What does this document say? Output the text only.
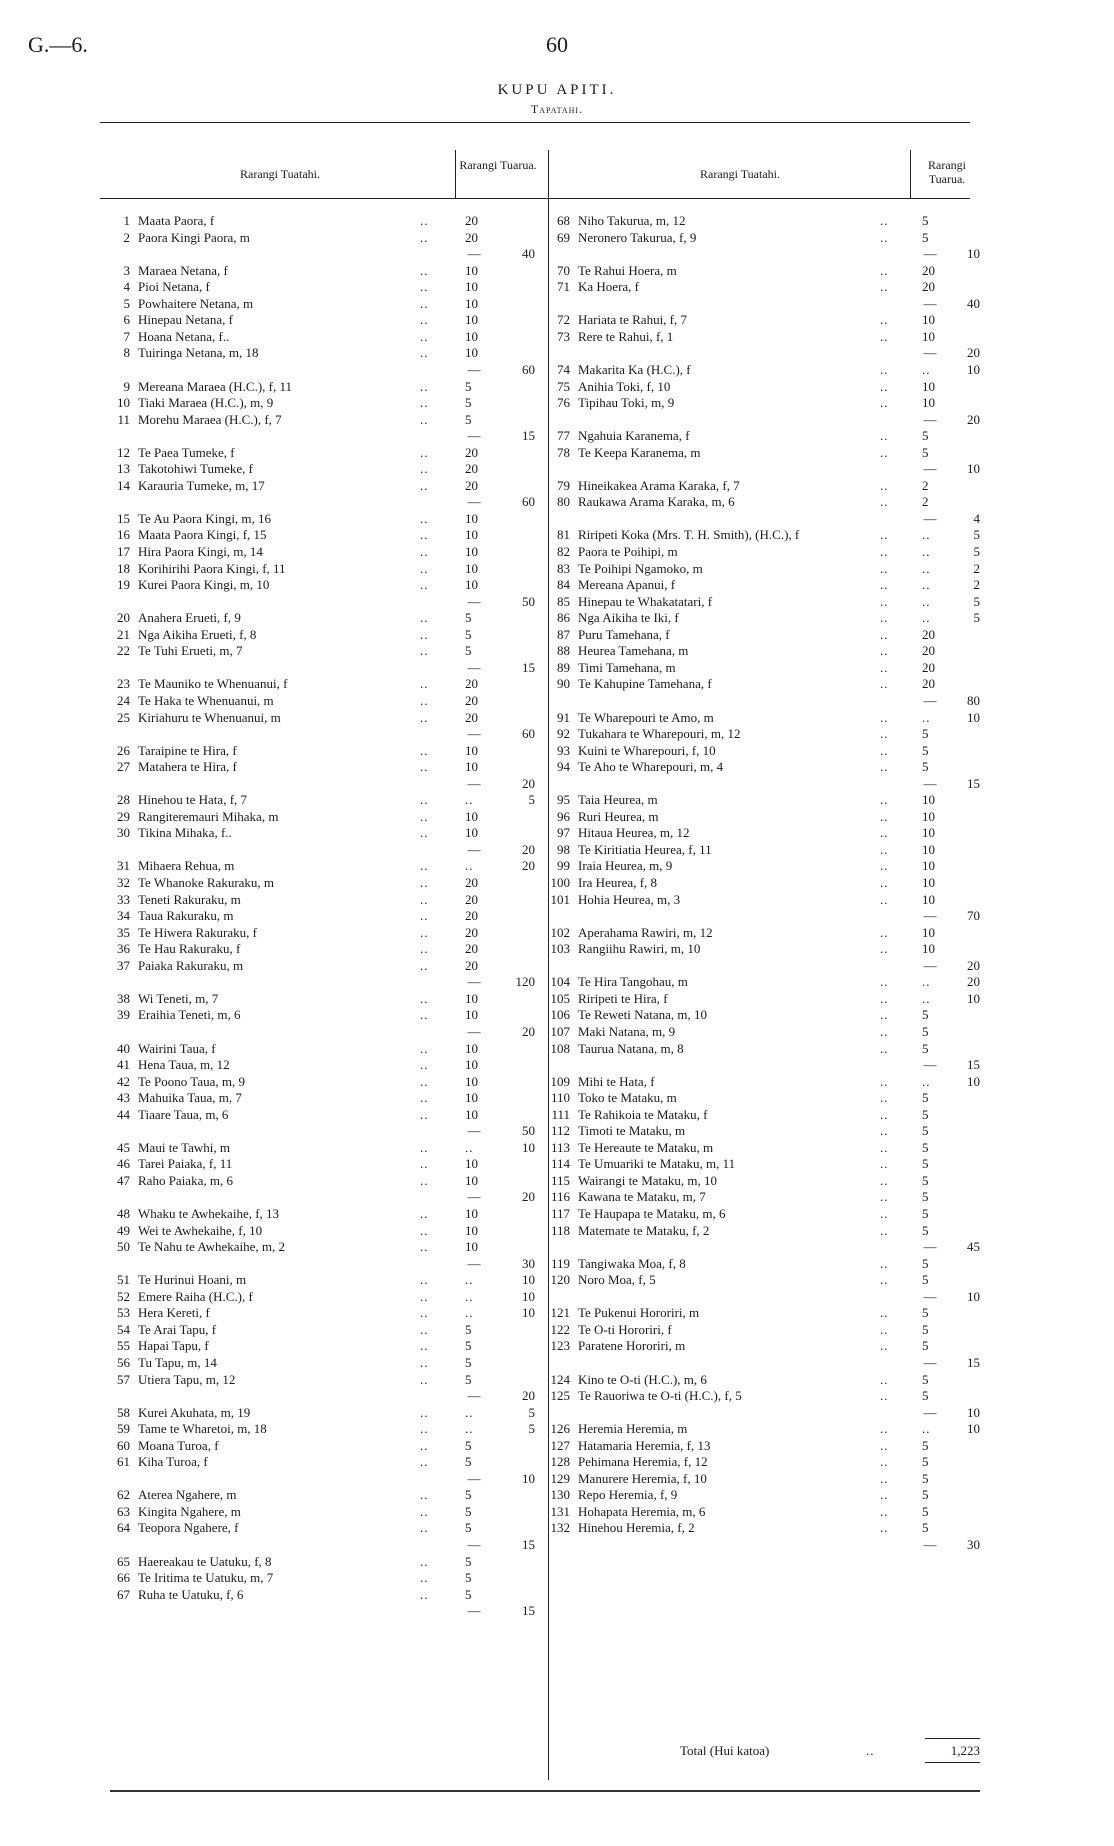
G.—6.	60
KUPU APITI.
Tapatahi.
Rarangi Tuatahi.
Rarangi Tuarua.
Rarangi Tuatahi.
Rarangi Tuarua.
1 Maata Paora, f	..	20
2 Paora Kingi Paora, m	..	20
—	40
3 Maraea Netana, f	..	10
4 Pioi Netana, f	..	10
5 Powhaitere Netana, m	..	10
6 Hinepau Netana, f	..	10
7 Hoana Netana, f..	..	10
8 Tuiringa Netana, m, 18	..	10
—	60
9 Mereana Maraea (H.C.), f, 11	..	5
10 Tiaki Maraea (H.C.), m, 9	..	5
11 Morehu Maraea (H.C.), f, 7	..	5
—	15
12 Te Paea Tumeke, f	..	20
13 Takotohiwi Tumeke, f	..	20
14 Karauria Tumeke, m, 17	..	20
—	60
15 Te Au Paora Kingi, m, 16	..	10
16 Maata Paora Kingi, f, 15	..	10
17 Hira Paora Kingi, m, 14	..	10
18 Korihirihi Paora Kingi, f, 11	..	10
19 Kurei Paora Kingi, m, 10	..	10
—	50
20 Anahera Erueti, f, 9	..	5
21 Nga Aikiha Erueti, f, 8	..	5
22 Te Tuhi Erueti, m, 7	..	5
—	15
23 Te Mauniko te Whenuanui, f	..	20
24 Te Haka te Whenuanui, m	..	20
25 Kiriahuru te Whenuanui, m	..	20
—	60
26 Taraipine te Hira, f	..	10
27 Matahera te Hira, f	..	10
—	20
28 Hinehou te Hata, f, 7	..	..	5
29 Rangiteremauri Mihaka, m	..	10
30 Tikina Mihaka, f..	..	10
—	20
31 Mihaera Rehua, m	..	..	20
32 Te Whanoke Rakuraku, m	..	20
33 Teneti Rakuraku, m	..	20
34 Taua Rakuraku, m	..	20
35 Te Hiwera Rakuraku, f	..	20
36 Te Hau Rakuraku, f	..	20
37 Paiaka Rakuraku, m	..	20
—	120
38 Wi Teneti, m, 7	..	10
39 Eraihia Teneti, m, 6	..	10
—	20
40 Wairini Taua, f	..	10
41 Hena Taua, m, 12	..	10
42 Te Poono Taua, m, 9	..	10
43 Mahuika Taua, m, 7	..	10
44 Tiaare Taua, m, 6	..	10
—	50
45 Maui te Tawhi, m	..	..	10
46 Tarei Paiaka, f, 11	..	10
47 Raho Paiaka, m, 6	..	10
—	20
48 Whaku te Awhekaihe, f, 13	..	10
49 Wei te Awhekaihe, f, 10	..	10
50 Te Nahu te Awhekaihe, m, 2	..	10
—	30
51 Te Hurinui Hoani, m	..	..	10
52 Emere Raiha (H.C.), f	..	..	10
53 Hera Kereti, f	..	..	10
54 Te Arai Tapu, f	..	5
55 Hapai Tapu, f	..	5
56 Tu Tapu, m, 14	..	5
57 Utiera Tapu, m, 12	..	5
—	20
58 Kurei Akuhata, m, 19	..	..	5
59 Tame te Wharetoi, m, 18	..	..	5
60 Moana Turoa, f	..	5
61 Kiha Turoa, f	..	5
—	10
62 Aterea Ngahere, m	..	5
63 Kingita Ngahere, m	..	5
64 Teopora Ngahere, f	..	5
—	15
65 Haereakau te Uatuku, f, 8	..	5
66 Te Iritima te Uatuku, m, 7	..	5
67 Ruha te Uatuku, f, 6	..	5
—	15
68 Niho Takurua, m, 12	..	5
69 Neronero Takurua, f, 9	..	5
—	10
70 Te Rahui Hoera, m	..	20
71 Ka Hoera, f	..	20
—	40
72 Hariata te Rahui, f, 7	..	10
73 Rere te Rahui, f, 1	..	10
—	20
74 Makarita Ka (H.C.), f	..	..	10
75 Anihia Toki, f, 10	..	10
76 Tipihau Toki, m, 9	..	10
—	20
77 Ngahuia Karanema, f	..	5
78 Te Keepa Karanema, m	..	5
—	10
79 Hineikakea Arama Karaka, f, 7	..	2
80 Raukawa Arama Karaka, m, 6	..	2
—	4
81 Riripeti Koka (Mrs. T. H. Smith), (H.C.), f	..	..	5
82 Paora te Poihipi, m	..	..	5
83 Te Poihipi Ngamoko, m	..	..	2
84 Mereana Apanui, f	..	..	2
85 Hinepau te Whakatatari, f	..	..	5
86 Nga Aikiha te Iki, f	..	..	5
87 Puru Tamehana, f	..	20
88 Heurea Tamehana, m	..	20
89 Timi Tamehana, m	..	20
90 Te Kahupine Tamehana, f	..	20
—	80
91 Te Wharepouri te Amo, m	..	..	10
92 Tukahara te Wharepouri, m, 12	..	5
93 Kuini te Wharepouri, f, 10	..	5
94 Te Aho te Wharepouri, m, 4	..	5
—	15
95 Taia Heurea, m	..	10
96 Ruri Heurea, m	..	10
97 Hitaua Heurea, m, 12	..	10
98 Te Kiritiatia Heurea, f, 11	..	10
99 Iraia Heurea, m, 9	..	10
100 Ira Heurea, f, 8	..	10
101 Hohia Heurea, m, 3	..	10
—	70
102 Aperahama Rawiri, m, 12	..	10
103 Rangiihu Rawiri, m, 10	..	10
—	20
104 Te Hira Tangohau, m	..	..	20
105 Riripeti te Hira, f	..	..	10
106 Te Reweti Natana, m, 10	..	5
107 Maki Natana, m, 9	..	5
108 Taurua Natana, m, 8	..	5
—	15
109 Mihi te Hata, f	..	..	10
110 Toko te Mataku, m	..	5
111 Te Rahikoia te Mataku, f	..	5
112 Timoti te Mataku, m	..	5
113 Te Hereaute te Mataku, m	..	5
114 Te Umuariki te Mataku, m, 11	..	5
115 Wairangi te Mataku, m, 10	..	5
116 Kawana te Mataku, m, 7	..	5
117 Te Haupapa te Mataku, m, 6	..	5
118 Matemate te Mataku, f, 2	..	5
—	45
119 Tangiwaka Moa, f, 8	..	5
120 Noro Moa, f, 5	..	5
—	10
121 Te Pukenui Hororiri, m	..	5
122 Te O-ti Hororiri, f	..	5
123 Paratene Hororiri, m	..	5
—	15
124 Kino te O-ti (H.C.), m, 6	..	5
125 Te Rauoriwa te O-ti (H.C.), f, 5	..	5
—	10
126 Heremia Heremia, m	..	..	10
127 Hatamaria Heremia, f, 13	..	5
128 Pehimana Heremia, f, 12	..	5
129 Manurere Heremia, f, 10	..	5
130 Repo Heremia, f, 9	..	5
131 Hohapata Heremia, m, 6	..	5
132 Hinehou Heremia, f, 2	..	5
—	30
Total (Hui katoa)	..	1,223
